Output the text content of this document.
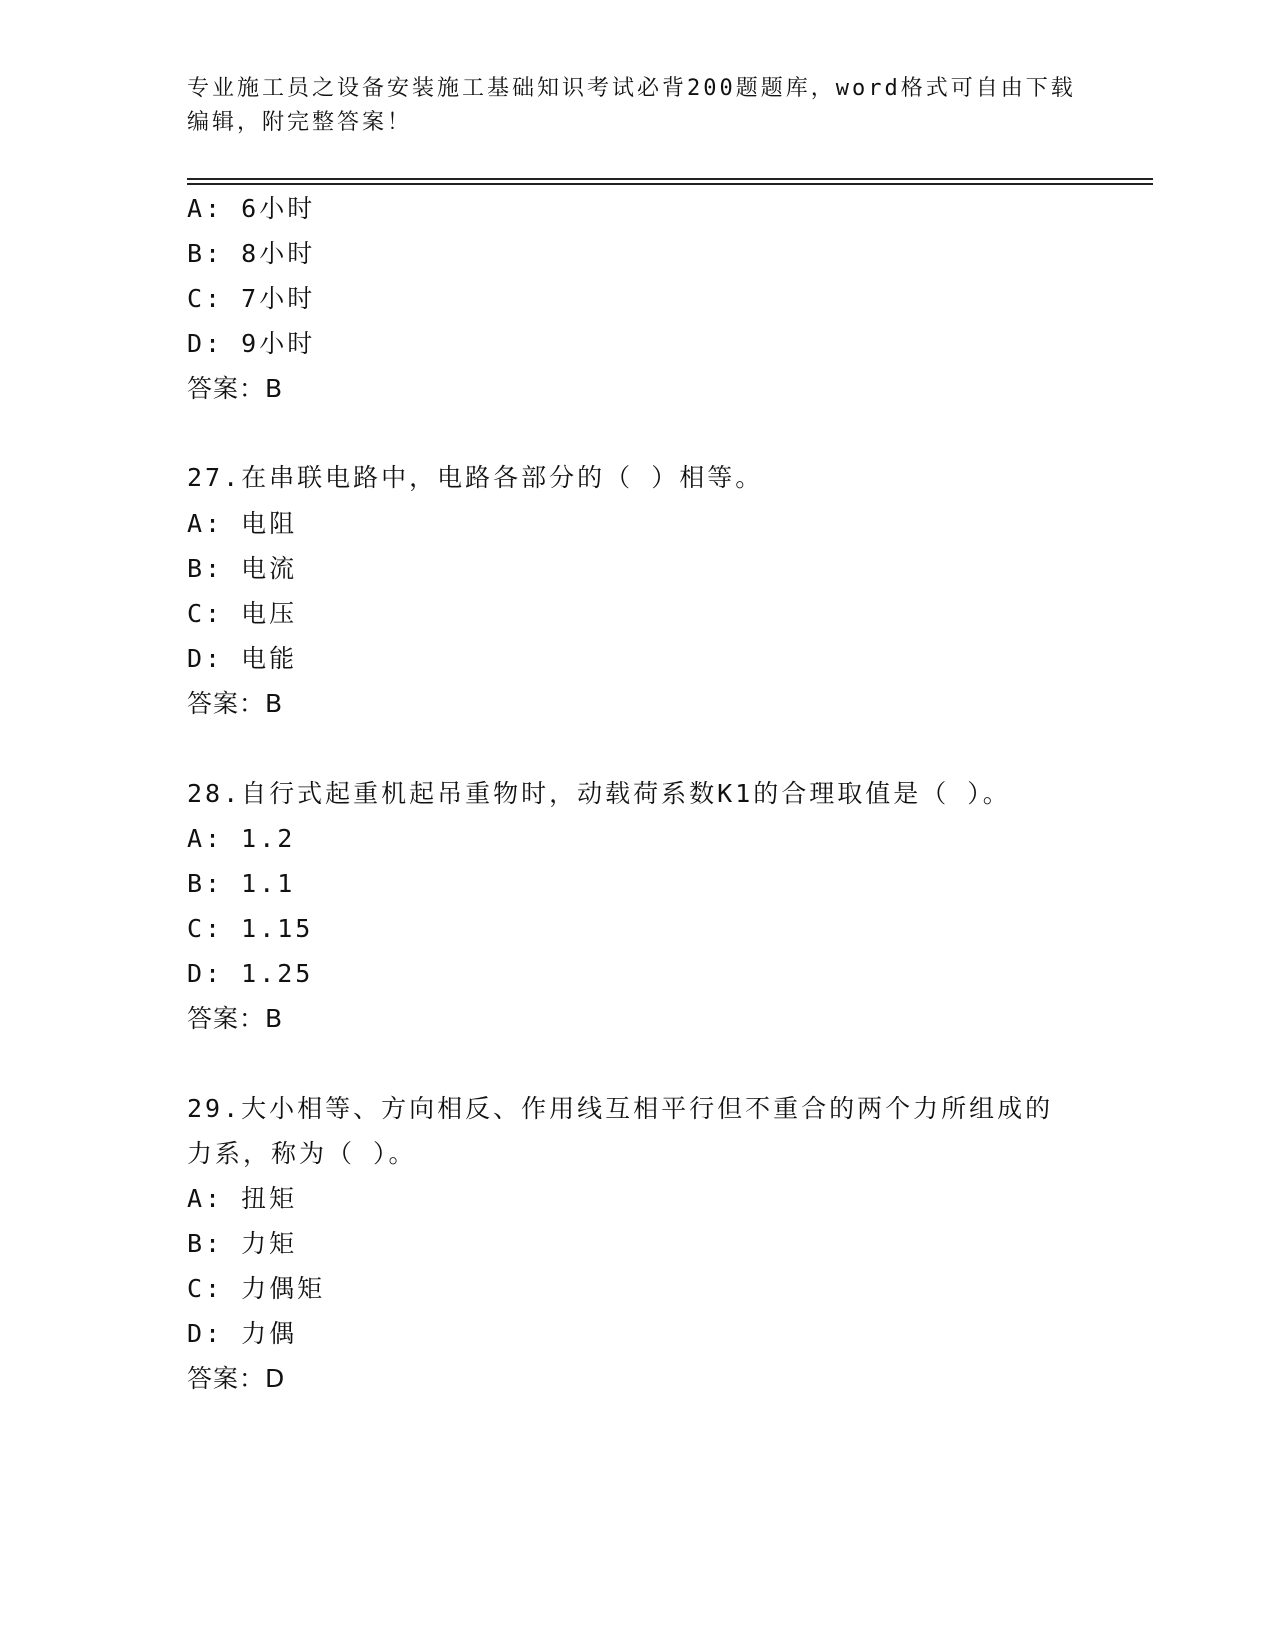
专业施工员之设备安装施工基础知识考试必背200题题库，word格式可自由下载
编辑，附完整答案！
A: 6小时
B: 8小时
C: 7小时
D: 9小时
答案：B
27.在串联电路中，电路各部分的（ ）相等。
A: 电阻
B: 电流
C: 电压
D: 电能
答案：B
28.自行式起重机起吊重物时，动载荷系数K1的合理取值是（ ）。
A: 1.2
B: 1.1
C: 1.15
D: 1.25
答案：B
29.大小相等、方向相反、作用线互相平行但不重合的两个力所组成的
力系，称为（ ）。
A: 扭矩
B: 力矩
C: 力偶矩
D: 力偶
答案：D
